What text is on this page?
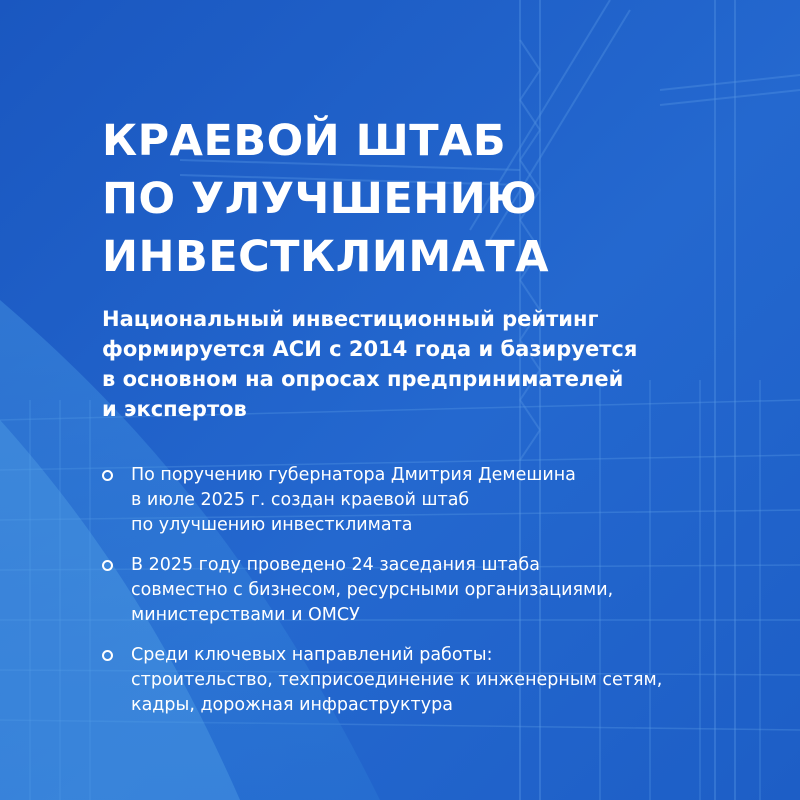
КРАЕВОЙ ШТАБ
ПО УЛУЧШЕНИЮ
ИНВЕСТКЛИМАТА

Национальный инвестиционный рейтинг
формируется АСИ с 2014 года и базируется
в основном на опросах предпринимателей
и экспертов

По поручению губернатора Дмитрия Демешина
в июле 2025 г. создан краевой штаб
по улучшению инвестклимата
В 2025 году проведено 24 заседания штаба
совместно с бизнесом, ресурсными организациями,
министерствами и ОМСУ
Среди ключевых направлений работы:
строительство, техприсоединение к инженерным сетям,
кадры, дорожная инфраструктура
